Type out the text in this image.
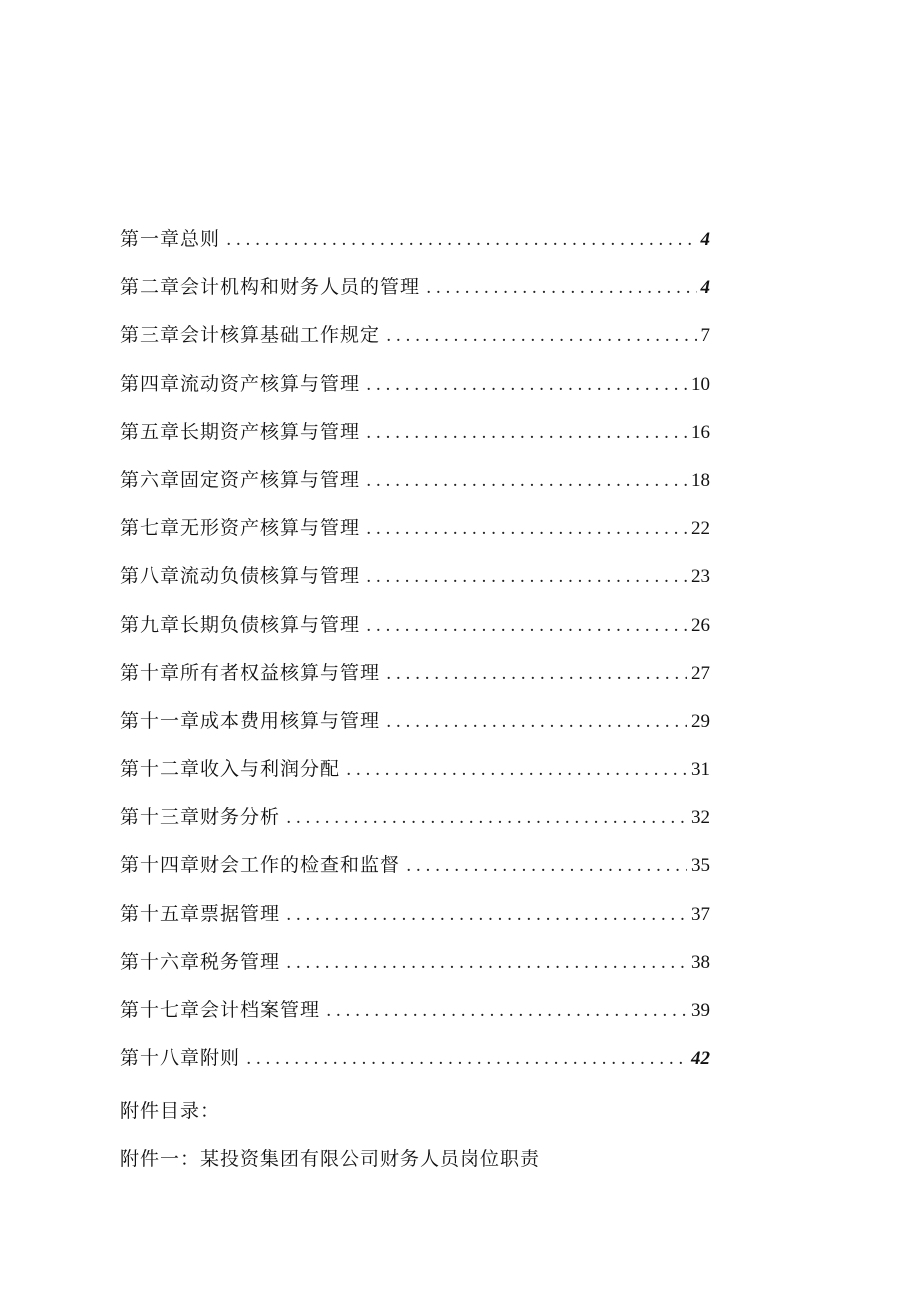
第一章总则 .....	4
第二章会计机构和财务人员的管理 .....	4
第三章会计核算基础工作规定 .....	7
第四章流动资产核算与管理 .....	10
第五章长期资产核算与管理 .....	16
第六章固定资产核算与管理 .....	18
第七章无形资产核算与管理 .....	22
第八章流动负债核算与管理 .....	23
第九章长期负债核算与管理 .....	26
第十章所有者权益核算与管理 .....	27
第十一章成本费用核算与管理 .....	29
第十二章收入与利润分配 .....	31
第十三章财务分析 .....	32
第十四章财会工作的检查和监督 .....	35
第十五章票据管理 .....	37
第十六章税务管理 .....	38
第十七章会计档案管理 .....	39
第十八章附则 .....	42
附件目录：
附件一：某投资集团有限公司财务人员岗位职责
